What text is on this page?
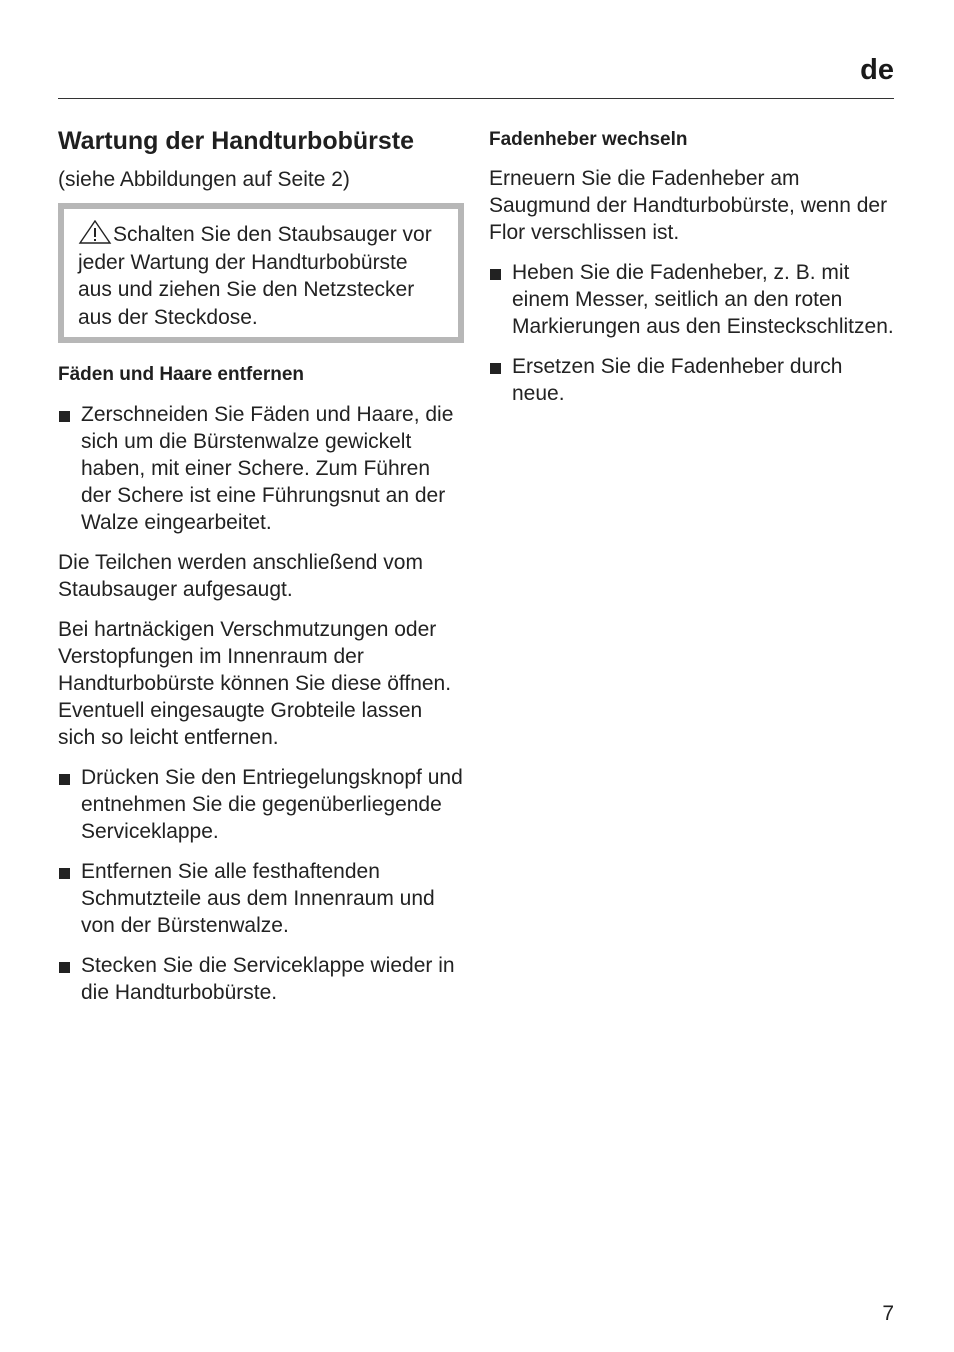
de
Wartung der Handturbobürste

(siehe Abbildungen auf Seite 2)

Schalten Sie den Staubsauger vor jeder Wartung der Handturbobürste aus und ziehen Sie den Netzstecker aus der Steckdose.
Fäden und Haare entfernen
Zerschneiden Sie Fäden und Haare, die sich um die Bürstenwalze gewickelt haben, mit einer Schere. Zum Führen der Schere ist eine Führungsnut an der Walze eingearbeitet.

Die Teilchen werden anschließend vom Staubsauger aufgesaugt.

Bei hartnäckigen Verschmutzungen oder Verstopfungen im Innenraum der Handturbobürste können Sie diese öffnen. Eventuell eingesaugte Grobteile lassen sich so leicht entfernen.

Drücken Sie den Entriegelungsknopf und entnehmen Sie die gegenüberliegende Serviceklappe.
Entfernen Sie alle festhaftenden Schmutzteile aus dem Innenraum und von der Bürstenwalze.
Stecken Sie die Serviceklappe wieder in die Handturbobürste.
Fadenheber wechseln

Erneuern Sie die Fadenheber am Saugmund der Handturbobürste, wenn der Flor verschlissen ist.

Heben Sie die Fadenheber, z. B. mit einem Messer, seitlich an den roten Markierungen aus den Einsteckschlitzen.
Ersetzen Sie die Fadenheber durch neue.
7
